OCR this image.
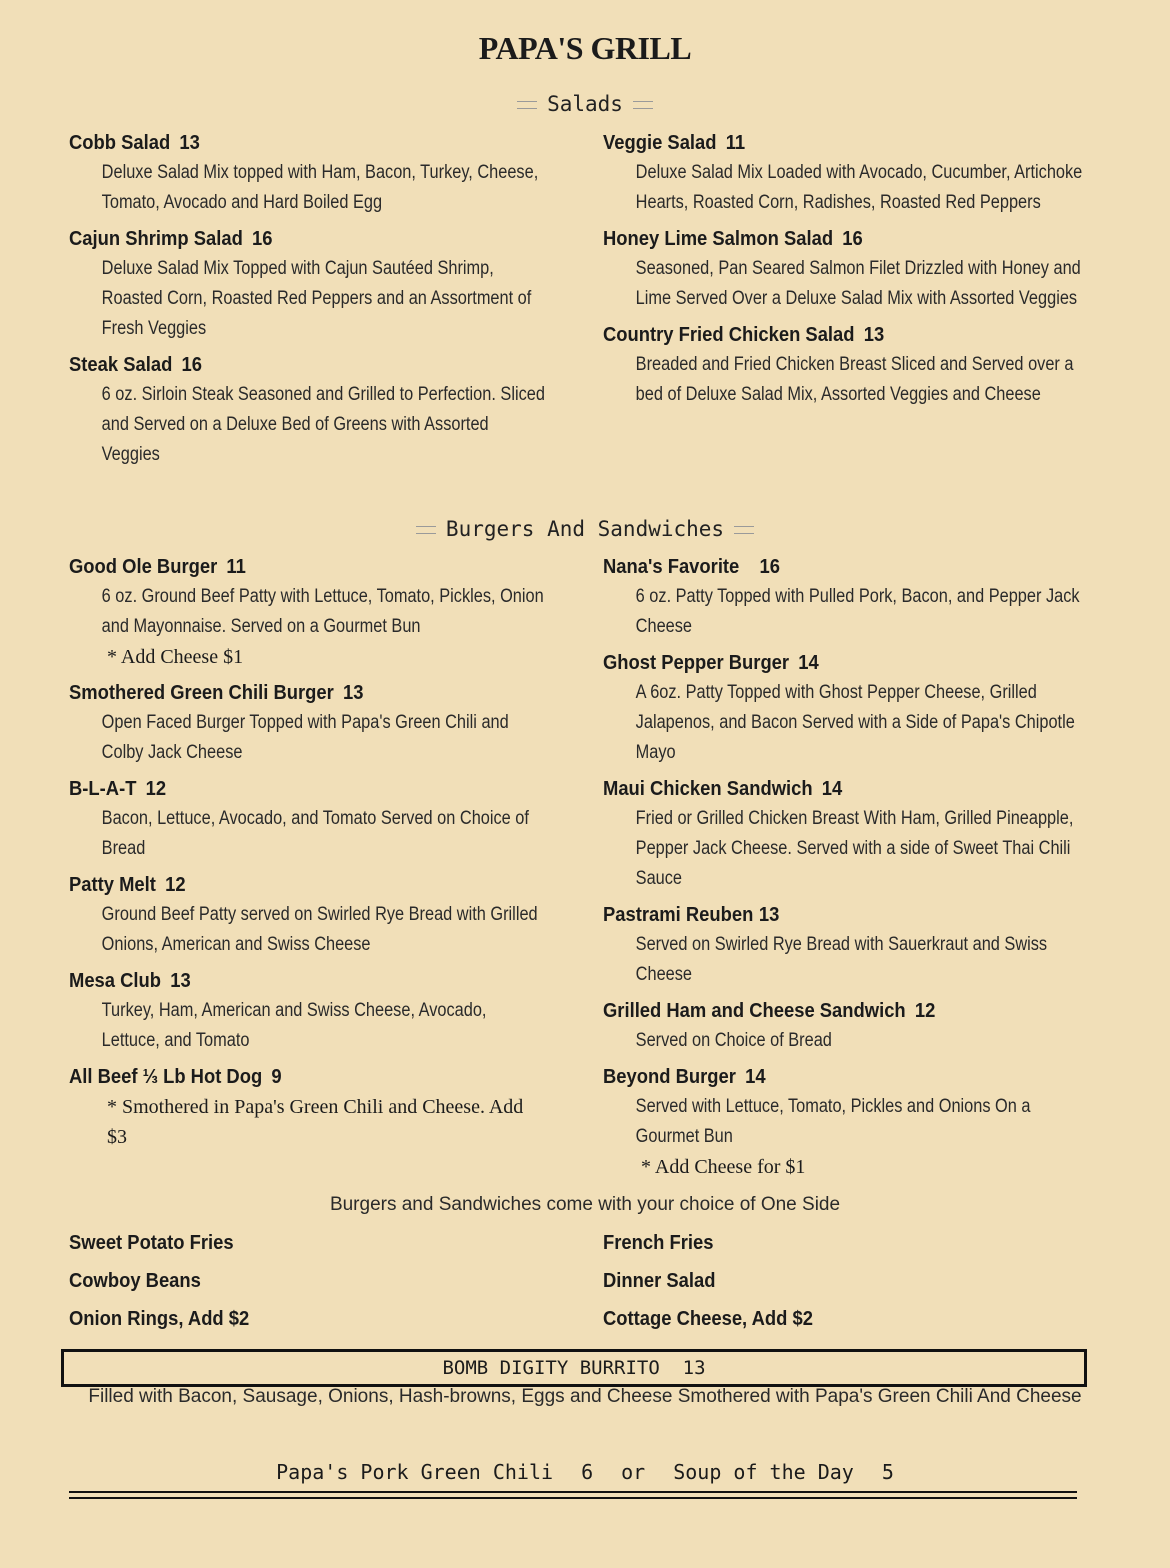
PAPA'S GRILL
Salads
Cobb Salad 13
Deluxe Salad Mix topped with Ham, Bacon, Turkey, Cheese, Tomato, Avocado and Hard Boiled Egg
Cajun Shrimp Salad 16
Deluxe Salad Mix Topped with Cajun Sautéed Shrimp, Roasted Corn, Roasted Red Peppers and an Assortment of Fresh Veggies
Steak Salad 16
6 oz. Sirloin Steak Seasoned and Grilled to Perfection. Sliced and Served on a Deluxe Bed of Greens with Assorted Veggies
Veggie Salad 11
Deluxe Salad Mix Loaded with Avocado, Cucumber, Artichoke Hearts, Roasted Corn, Radishes, Roasted Red Peppers
Honey Lime Salmon Salad 16
Seasoned, Pan Seared Salmon Filet Drizzled with Honey and Lime Served Over a Deluxe Salad Mix with Assorted Veggies
Country Fried Chicken Salad 13
Breaded and Fried Chicken Breast Sliced and Served over a bed of Deluxe Salad Mix, Assorted Veggies and Cheese
Burgers And Sandwiches
Good Ole Burger 11
6 oz. Ground Beef Patty with Lettuce, Tomato, Pickles, Onion and Mayonnaise. Served on a Gourmet Bun
* Add Cheese $1
Smothered Green Chili Burger 13
Open Faced Burger Topped with Papa's Green Chili and Colby Jack Cheese
B-L-A-T 12
Bacon, Lettuce, Avocado, and Tomato Served on Choice of Bread
Patty Melt 12
Ground Beef Patty served on Swirled Rye Bread with Grilled Onions, American and Swiss Cheese
Mesa Club 13
Turkey, Ham, American and Swiss Cheese, Avocado, Lettuce, and Tomato
All Beef ⅓ Lb Hot Dog 9
* Smothered in Papa's Green Chili and Cheese. Add $3
Nana's Favorite 16
6 oz. Patty Topped with Pulled Pork, Bacon, and Pepper Jack Cheese
Ghost Pepper Burger 14
A 6oz. Patty Topped with Ghost Pepper Cheese, Grilled Jalapenos, and Bacon Served with a Side of Papa's Chipotle Mayo
Maui Chicken Sandwich 14
Fried or Grilled Chicken Breast With Ham, Grilled Pineapple, Pepper Jack Cheese. Served with a side of Sweet Thai Chili Sauce
Pastrami Reuben 13
Served on Swirled Rye Bread with Sauerkraut and Swiss Cheese
Grilled Ham and Cheese Sandwich 12
Served on Choice of Bread
Beyond Burger 14
Served with Lettuce, Tomato, Pickles and Onions On a Gourmet Bun
* Add Cheese for $1
Burgers and Sandwiches come with your choice of One Side
Sweet Potato Fries
Cowboy Beans
Onion Rings, Add $2
French Fries
Dinner Salad
Cottage Cheese, Add $2
BOMB DIGITY BURRITO 13
Filled with Bacon, Sausage, Onions, Hash-browns, Eggs and Cheese Smothered with Papa's Green Chili And Cheese
Papa's Pork Green Chili 6 or Soup of the Day 5
